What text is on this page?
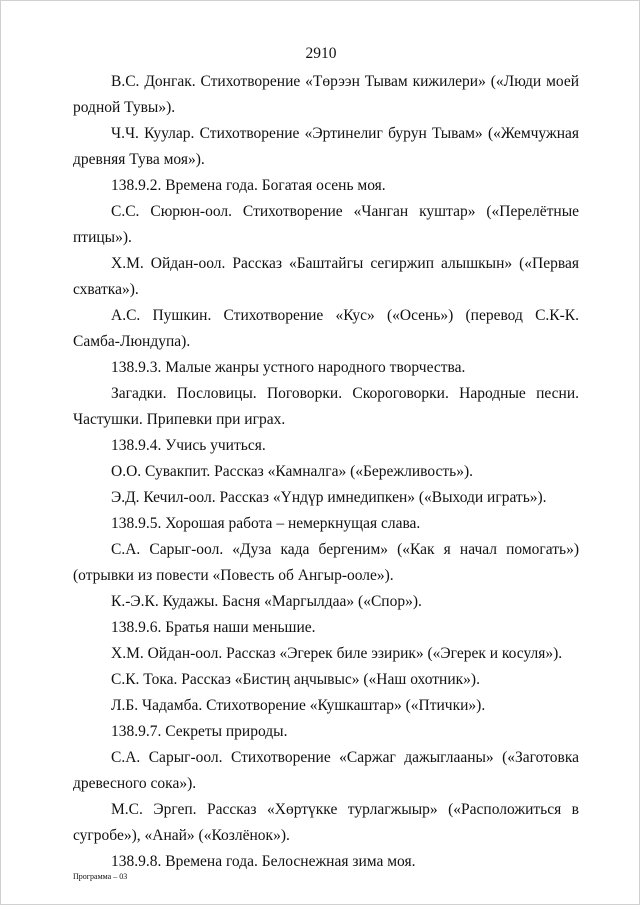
2910

В.С. Донгак. Стихотворение «Төрээн Тывам кижилери» («Люди моей родной Тувы»).

Ч.Ч. Куулар. Стихотворение «Эртинелиг бурун Тывам» («Жемчужная древняя Тува моя»).

138.9.2. Времена года. Богатая осень моя.

С.С. Сюрюн-оол. Стихотворение «Чанган куштар» («Перелётные птицы»).

Х.М. Ойдан-оол. Рассказ «Баштайгы сегиржип алышкын» («Первая схватка»).

А.С. Пушкин. Стихотворение «Кус» («Осень») (перевод С.К-К. Самба-Люндупа).

138.9.3. Малые жанры устного народного творчества.

Загадки. Пословицы. Поговорки. Скороговорки. Народные песни. Частушки. Припевки при играх.

138.9.4. Учись учиться.

О.О. Сувакпит. Рассказ «Камналга» («Бережливость»).

Э.Д. Кечил-оол. Рассказ «Үндүр имнедипкен» («Выходи играть»).

138.9.5. Хорошая работа – немеркнущая слава.

С.А. Сарыг-оол. «Дуза када бергеним» («Как я начал помогать») (отрывки из повести «Повесть об Ангыр-ооле»).

К.-Э.К. Кудажы. Басня «Маргылдаа» («Спор»).

138.9.6. Братья наши меньшие.

Х.М. Ойдан-оол. Рассказ «Эгерек биле эзирик» («Эгерек и косуля»).

С.К. Тока. Рассказ «Бистиң аңчывыс» («Наш охотник»).

Л.Б. Чадамба. Стихотворение «Кушкаштар» («Птички»).

138.9.7. Секреты природы.

С.А. Сарыг-оол. Стихотворение «Саржаг дажыглааны» («Заготовка древесного сока»).

М.С. Эргеп. Рассказ «Хөртүкке турлагжыыр» («Расположиться в сугробе»), «Анай» («Козлёнок»).

138.9.8. Времена года. Белоснежная зима моя.

Программа – 03
